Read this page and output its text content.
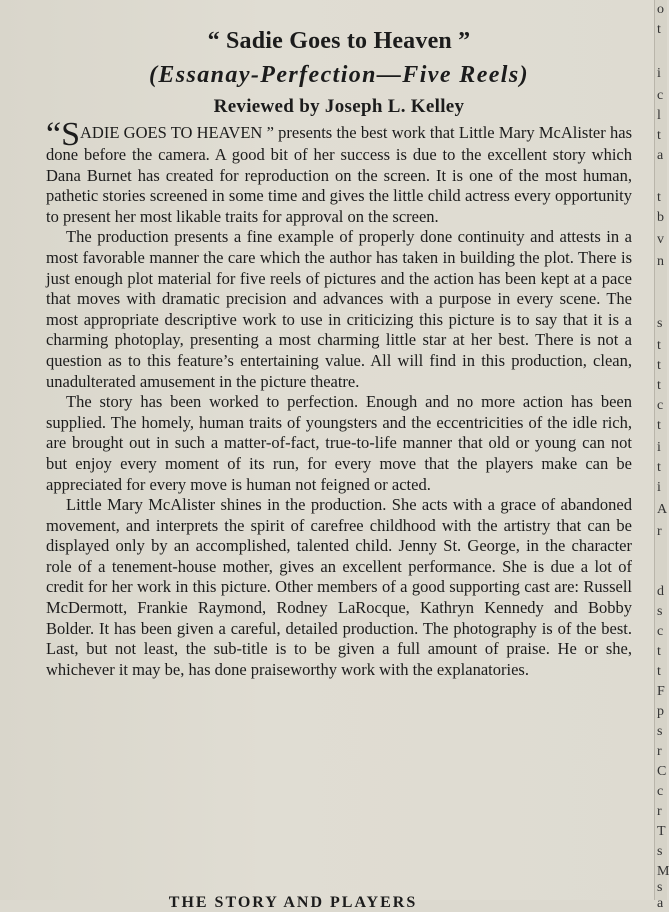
“ Sadie Goes to Heaven ”
(Essanay-Perfection—Five Reels)
Reviewed by Joseph L. Kelley

“SADIE GOES TO HEAVEN ” presents the best work that Little Mary McAlister has done before the camera. A good bit of her success is due to the excellent story which Dana Burnet has created for reproduction on the screen. It is one of the most human, pathetic stories screened in some time and gives the little child actress every opportunity to present her most likable traits for approval on the screen.

The production presents a fine example of properly done continuity and attests in a most favorable manner the care which the author has taken in building the plot. There is just enough plot material for five reels of pictures and the action has been kept at a pace that moves with dramatic precision and advances with a purpose in every scene. The most appropriate descriptive work to use in criticizing this picture is to say that it is a charming photoplay, presenting a most charming little star at her best. There is not a question as to this feature’s entertaining value. All will find in this production, clean, unadulterated amusement in the picture theatre.

The story has been worked to perfection. Enough and no more action has been supplied. The homely, human traits of youngsters and the eccentricities of the idle rich, are brought out in such a matter-of-fact, true-to-life manner that old or young can not but enjoy every moment of its run, for every move that the players make can be appreciated for every move is human not feigned or acted.

Little Mary McAlister shines in the production. She acts with a grace of abandoned movement, and interprets the spirit of carefree childhood with the artistry that can be displayed only by an accomplished, talented child. Jenny St. George, in the character role of a tenement-house mother, gives an excellent performance. She is due a lot of credit for her work in this picture. Other members of a good supporting cast are: Russell McDermott, Frankie Raymond, Rodney LaRocque, Kathryn Kennedy and Bobby Bolder. It has been given a careful, detailed production. The photography is of the best. Last, but not least, the sub-title is to be given a full amount of praise. He or she, whichever it may be, has done praiseworthy work with the explanatories.

THE STORY AND PLAYERS
o
t
i
c
l
t
a
t
b
v
n
s
t
t
t
c
t
i
t
i
A
r
d
s
c
t
t
F
p
s
r
C
c
r
T
s
M
s
a
